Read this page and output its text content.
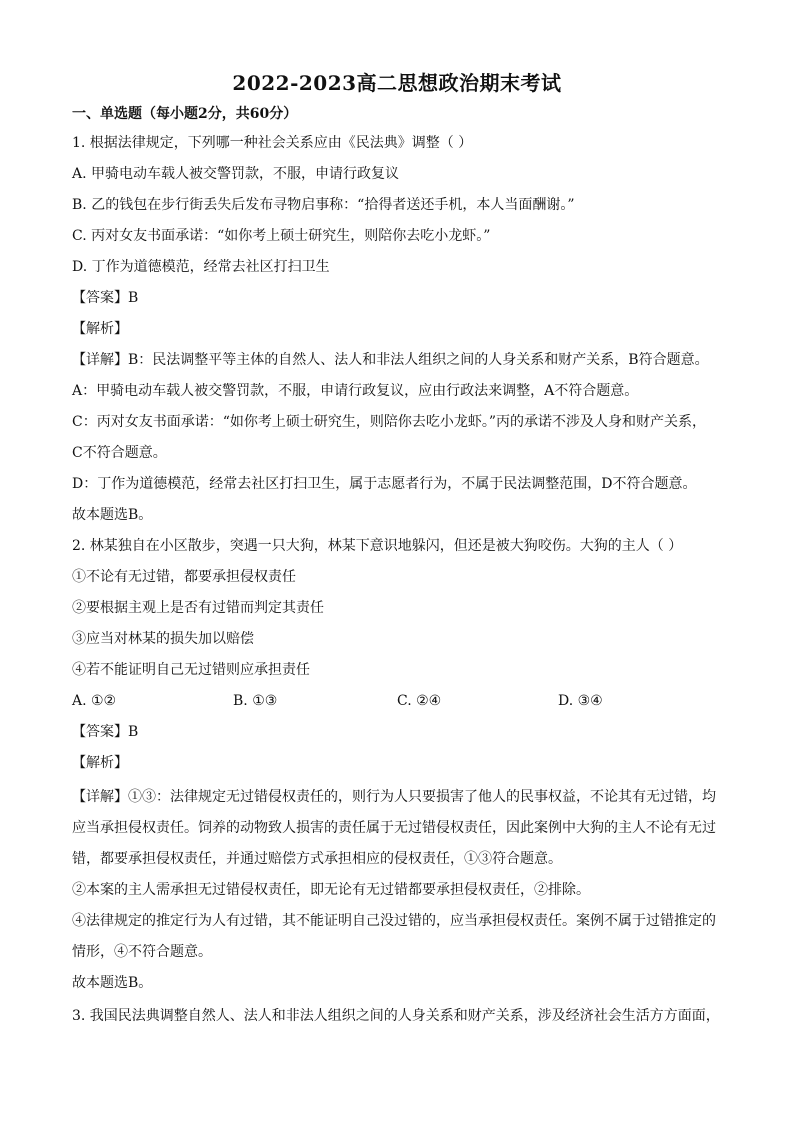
2022-2023高二思想政治期末考试
一、单选题（每小题2分，共60分）
1. 根据法律规定，下列哪一种社会关系应由《民法典》调整（ ）
A. 甲骑电动车载人被交警罚款，不服，申请行政复议
B. 乙的钱包在步行街丢失后发布寻物启事称：“拾得者送还手机，本人当面酬谢。”
C. 丙对女友书面承诺：“如你考上硕士研究生，则陪你去吃小龙虾。”
D. 丁作为道德模范，经常去社区打扫卫生
【答案】B
【解析】
【详解】B：民法调整平等主体的自然人、法人和非法人组织之间的人身关系和财产关系，B符合题意。
A：甲骑电动车载人被交警罚款，不服，申请行政复议，应由行政法来调整，A不符合题意。
C：丙对女友书面承诺：“如你考上硕士研究生，则陪你去吃小龙虾。”丙的承诺不涉及人身和财产关系，
C不符合题意。
D：丁作为道德模范，经常去社区打扫卫生，属于志愿者行为，不属于民法调整范围，D不符合题意。
故本题选B。
2. 林某独自在小区散步，突遇一只大狗，林某下意识地躲闪，但还是被大狗咬伤。大狗的主人（ ）
①不论有无过错，都要承担侵权责任
②要根据主观上是否有过错而判定其责任
③应当对林某的损失加以赔偿
④若不能证明自己无过错则应承担责任
A. ①②	B. ①③	C. ②④	D. ③④
【答案】B
【解析】
【详解】①③：法律规定无过错侵权责任的，则行为人只要损害了他人的民事权益，不论其有无过错，均
应当承担侵权责任。饲养的动物致人损害的责任属于无过错侵权责任，因此案例中大狗的主人不论有无过
错，都要承担侵权责任，并通过赔偿方式承担相应的侵权责任，①③符合题意。
②本案的主人需承担无过错侵权责任，即无论有无过错都要承担侵权责任，②排除。
④法律规定的推定行为人有过错，其不能证明自己没过错的，应当承担侵权责任。案例不属于过错推定的
情形，④不符合题意。
故本题选B。
3. 我国民法典调整自然人、法人和非法人组织之间的人身关系和财产关系，涉及经济社会生活方方面面，
